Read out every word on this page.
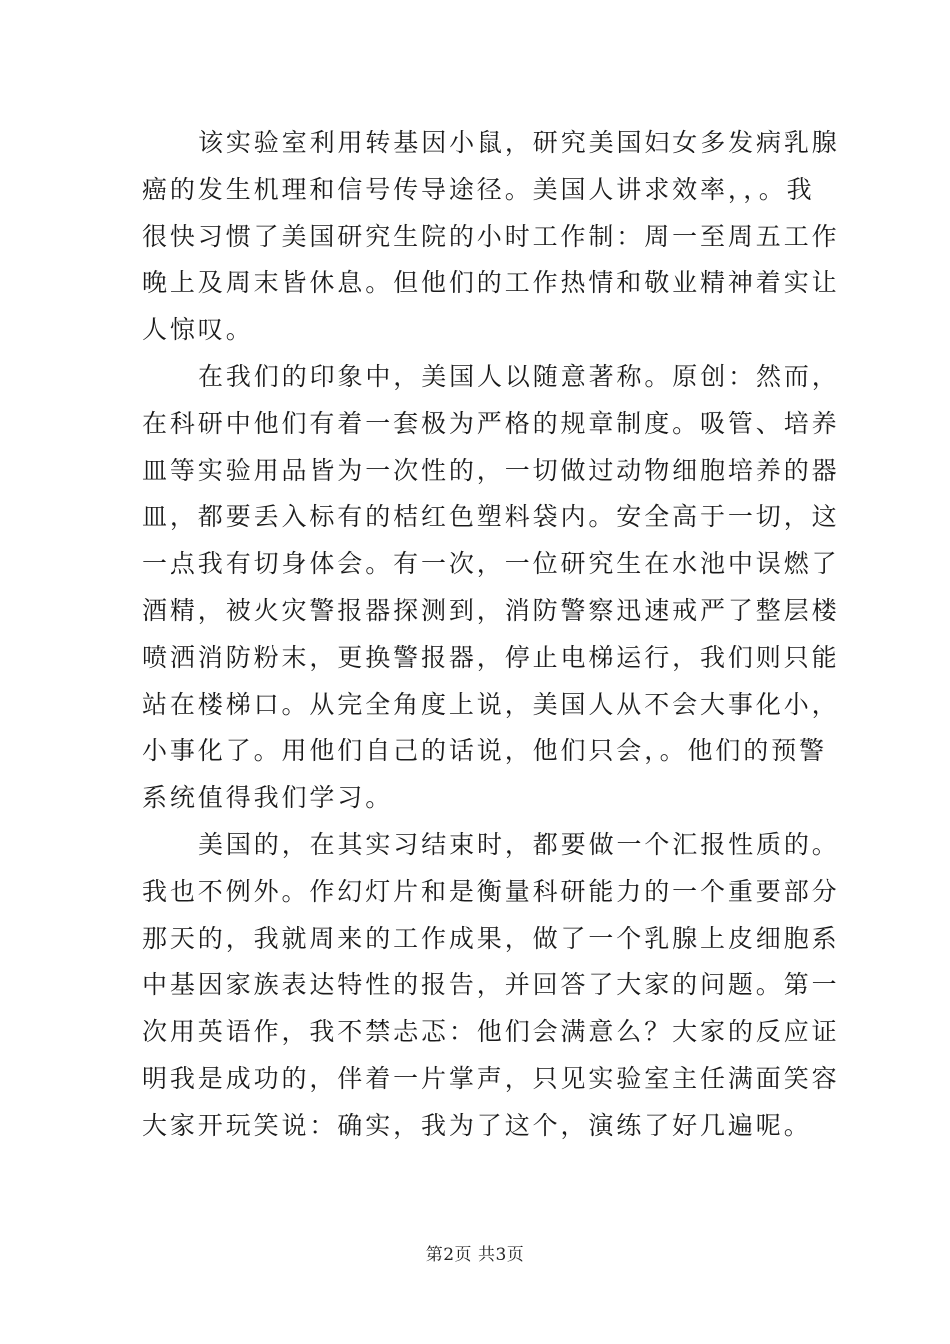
该实验室利用转基因小鼠，研究美国妇女多发病乳腺
癌的发生机理和信号传导途径。美国人讲求效率，，。我
很快习惯了美国研究生院的小时工作制：周一至周五工作
晚上及周末皆休息。但他们的工作热情和敬业精神着实让
人惊叹。
在我们的印象中，美国人以随意著称。原创：然而，
在科研中他们有着一套极为严格的规章制度。吸管、培养
皿等实验用品皆为一次性的，一切做过动物细胞培养的器
皿，都要丢入标有的桔红色塑料袋内。安全高于一切，这
一点我有切身体会。有一次，一位研究生在水池中误燃了
酒精，被火灾警报器探测到，消防警察迅速戒严了整层楼
喷洒消防粉末，更换警报器，停止电梯运行，我们则只能
站在楼梯口。从完全角度上说，美国人从不会大事化小，
小事化了。用他们自己的话说，他们只会，。他们的预警
系统值得我们学习。
美国的，在其实习结束时，都要做一个汇报性质的。
我也不例外。作幻灯片和是衡量科研能力的一个重要部分
那天的，我就周来的工作成果，做了一个乳腺上皮细胞系
中基因家族表达特性的报告，并回答了大家的问题。第一
次用英语作，我不禁忐忑：他们会满意么？大家的反应证
明我是成功的，伴着一片掌声，只见实验室主任满面笑容
大家开玩笑说：确实，我为了这个，演练了好几遍呢。
第2页 共3页
